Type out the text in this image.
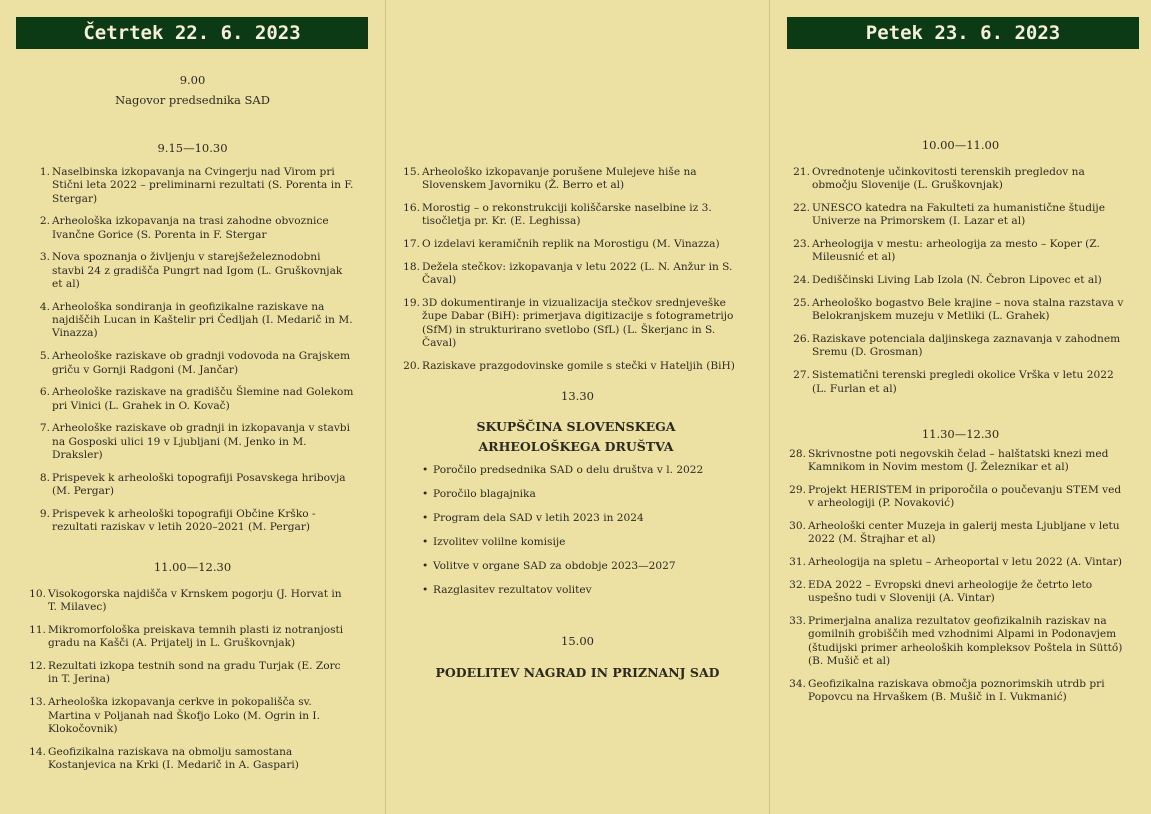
Četrtek 22. 6. 2023
9.00
Nagovor predsednika SAD
9.15—10.30
1. Naselbinska izkopavanja na Cvingerju nad Virom pri Stični leta 2022 – preliminarni rezultati (S. Porenta in F. Stergar)
2. Arheološka izkopavanja na trasi zahodne obvoznice Ivančne Gorice (S. Porenta in F. Stergar
3. Nova spoznanja o življenju v starejšeželeznodobni stavbi 24 z gradišča Pungrt nad Igom (L. Gruškovnjak et al)
4. Arheološka sondiranja in geofizikalne raziskave na najdiščih Lucan in Kaštelir pri Čedljah (I. Medarič in M. Vinazza)
5. Arheološke raziskave ob gradnji vodovoda na Grajskem griču v Gornji Radgoni (M. Jančar)
6. Arheološke raziskave na gradišču Šlemine nad Golekom pri Vinici (L. Grahek in O. Kovač)
7. Arheološke raziskave ob gradnji in izkopavanja v stavbi na Gosposki ulici 19 v Ljubljani (M. Jenko in M. Draksler)
8. Prispevek k arheološki topografiji Posavskega hribovja (M. Pergar)
9. Prispevek k arheološki topografiji Občine Krško - rezultati raziskav v letih 2020–2021 (M. Pergar)
11.00—12.30
10. Visokogorska najdišča v Krnskem pogorju (J. Horvat in T. Milavec)
11. Mikromorfološka preiskava temnih plasti iz notranjosti gradu na Kašči (A. Prijatelj in L. Gruškovnjak)
12. Rezultati izkopa testnih sond na gradu Turjak (E. Zorc in T. Jerina)
13. Arheološka izkopavanja cerkve in pokopališča sv. Martina v Poljanah nad Škofjo Loko (M. Ogrin in I. Klokočovnik)
14. Geofizikalna raziskava na obmolju samostana Kostanjevica na Krki (I. Medarič in A. Gaspari)
15. Arheološko izkopavanje porušene Mulejeve hiše na Slovenskem Javorniku (Ž. Berro et al)
16. Morostig – o rekonstrukciji koliščarske naselbine iz 3. tisočletja pr. Kr. (E. Leghissa)
17. O izdelavi keramičnih replik na Morostigu (M. Vinazza)
18. Dežela stečkov: izkopavanja v letu 2022 (L. N. Anžur in S. Čaval)
19. 3D dokumentiranje in vizualizacija stečkov srednjeveške župe Dabar (BiH): primerjava digitizacije s fotogrametrijo (SfM) in strukturirano svetlobo (SfL) (L. Škerjanc in S. Čaval)
20. Raziskave prazgodovinske gomile s stečki v Hateljih (BiH)
13.30
SKUPŠČINA SLOVENSKEGA ARHEOLOŠKEGA DRUŠTVA
• Poročilo predsednika SAD o delu društva v l. 2022
• Poročilo blagajnika
• Program dela SAD v letih 2023 in 2024
• Izvolitev volilne komisije
• Volitve v organe SAD za obdobje 2023—2027
• Razglasitev rezultatov volitev
15.00
PODELITEV NAGRAD IN PRIZNANJ SAD
Petek 23. 6. 2023
10.00—11.00
21. Ovrednotenje učinkovitosti terenskih pregledov na območju Slovenije (L. Gruškovnjak)
22. UNESCO katedra na Fakulteti za humanistične študije Univerze na Primorskem (I. Lazar et al)
23. Arheologija v mestu: arheologija za mesto – Koper (Z. Mileusnić et al)
24. Dediščinski Living Lab Izola (N. Čebron Lipovec et al)
25. Arheološko bogastvo Bele krajine – nova stalna razstava v Belokranjskem muzeju v Metliki (L. Grahek)
26. Raziskave potenciala daljinskega zaznavanja v zahodnem Sremu (D. Grosman)
27. Sistematični terenski pregledi okolice Vrška v letu 2022 (L. Furlan et al)
11.30—12.30
28. Skrivnostne poti negovskih čelad – halštatski knezi med Kamnikom in Novim mestom (J. Železnikar et al)
29. Projekt HERISTEM in priporočila o poučevanju STEM ved v arheologiji (P. Novaković)
30. Arheološki center Muzeja in galerij mesta Ljubljane v letu 2022 (M. Štrajhar et al)
31. Arheologija na spletu – Arheoportal v letu 2022 (A. Vintar)
32. EDA 2022 – Evropski dnevi arheologije že četrto leto uspešno tudi v Sloveniji (A. Vintar)
33. Primerjalna analiza rezultatov geofizikalnih raziskav na gomilnih grobiščih med vzhodnimi Alpami in Podonavjem (študijski primer arheoloških kompleksov Poštela in Süttő) (B. Mušič et al)
34. Geofizikalna raziskava območja poznorimskih utrdb pri Popovcu na Hrvaškem (B. Mušič in I. Vukmanić)
